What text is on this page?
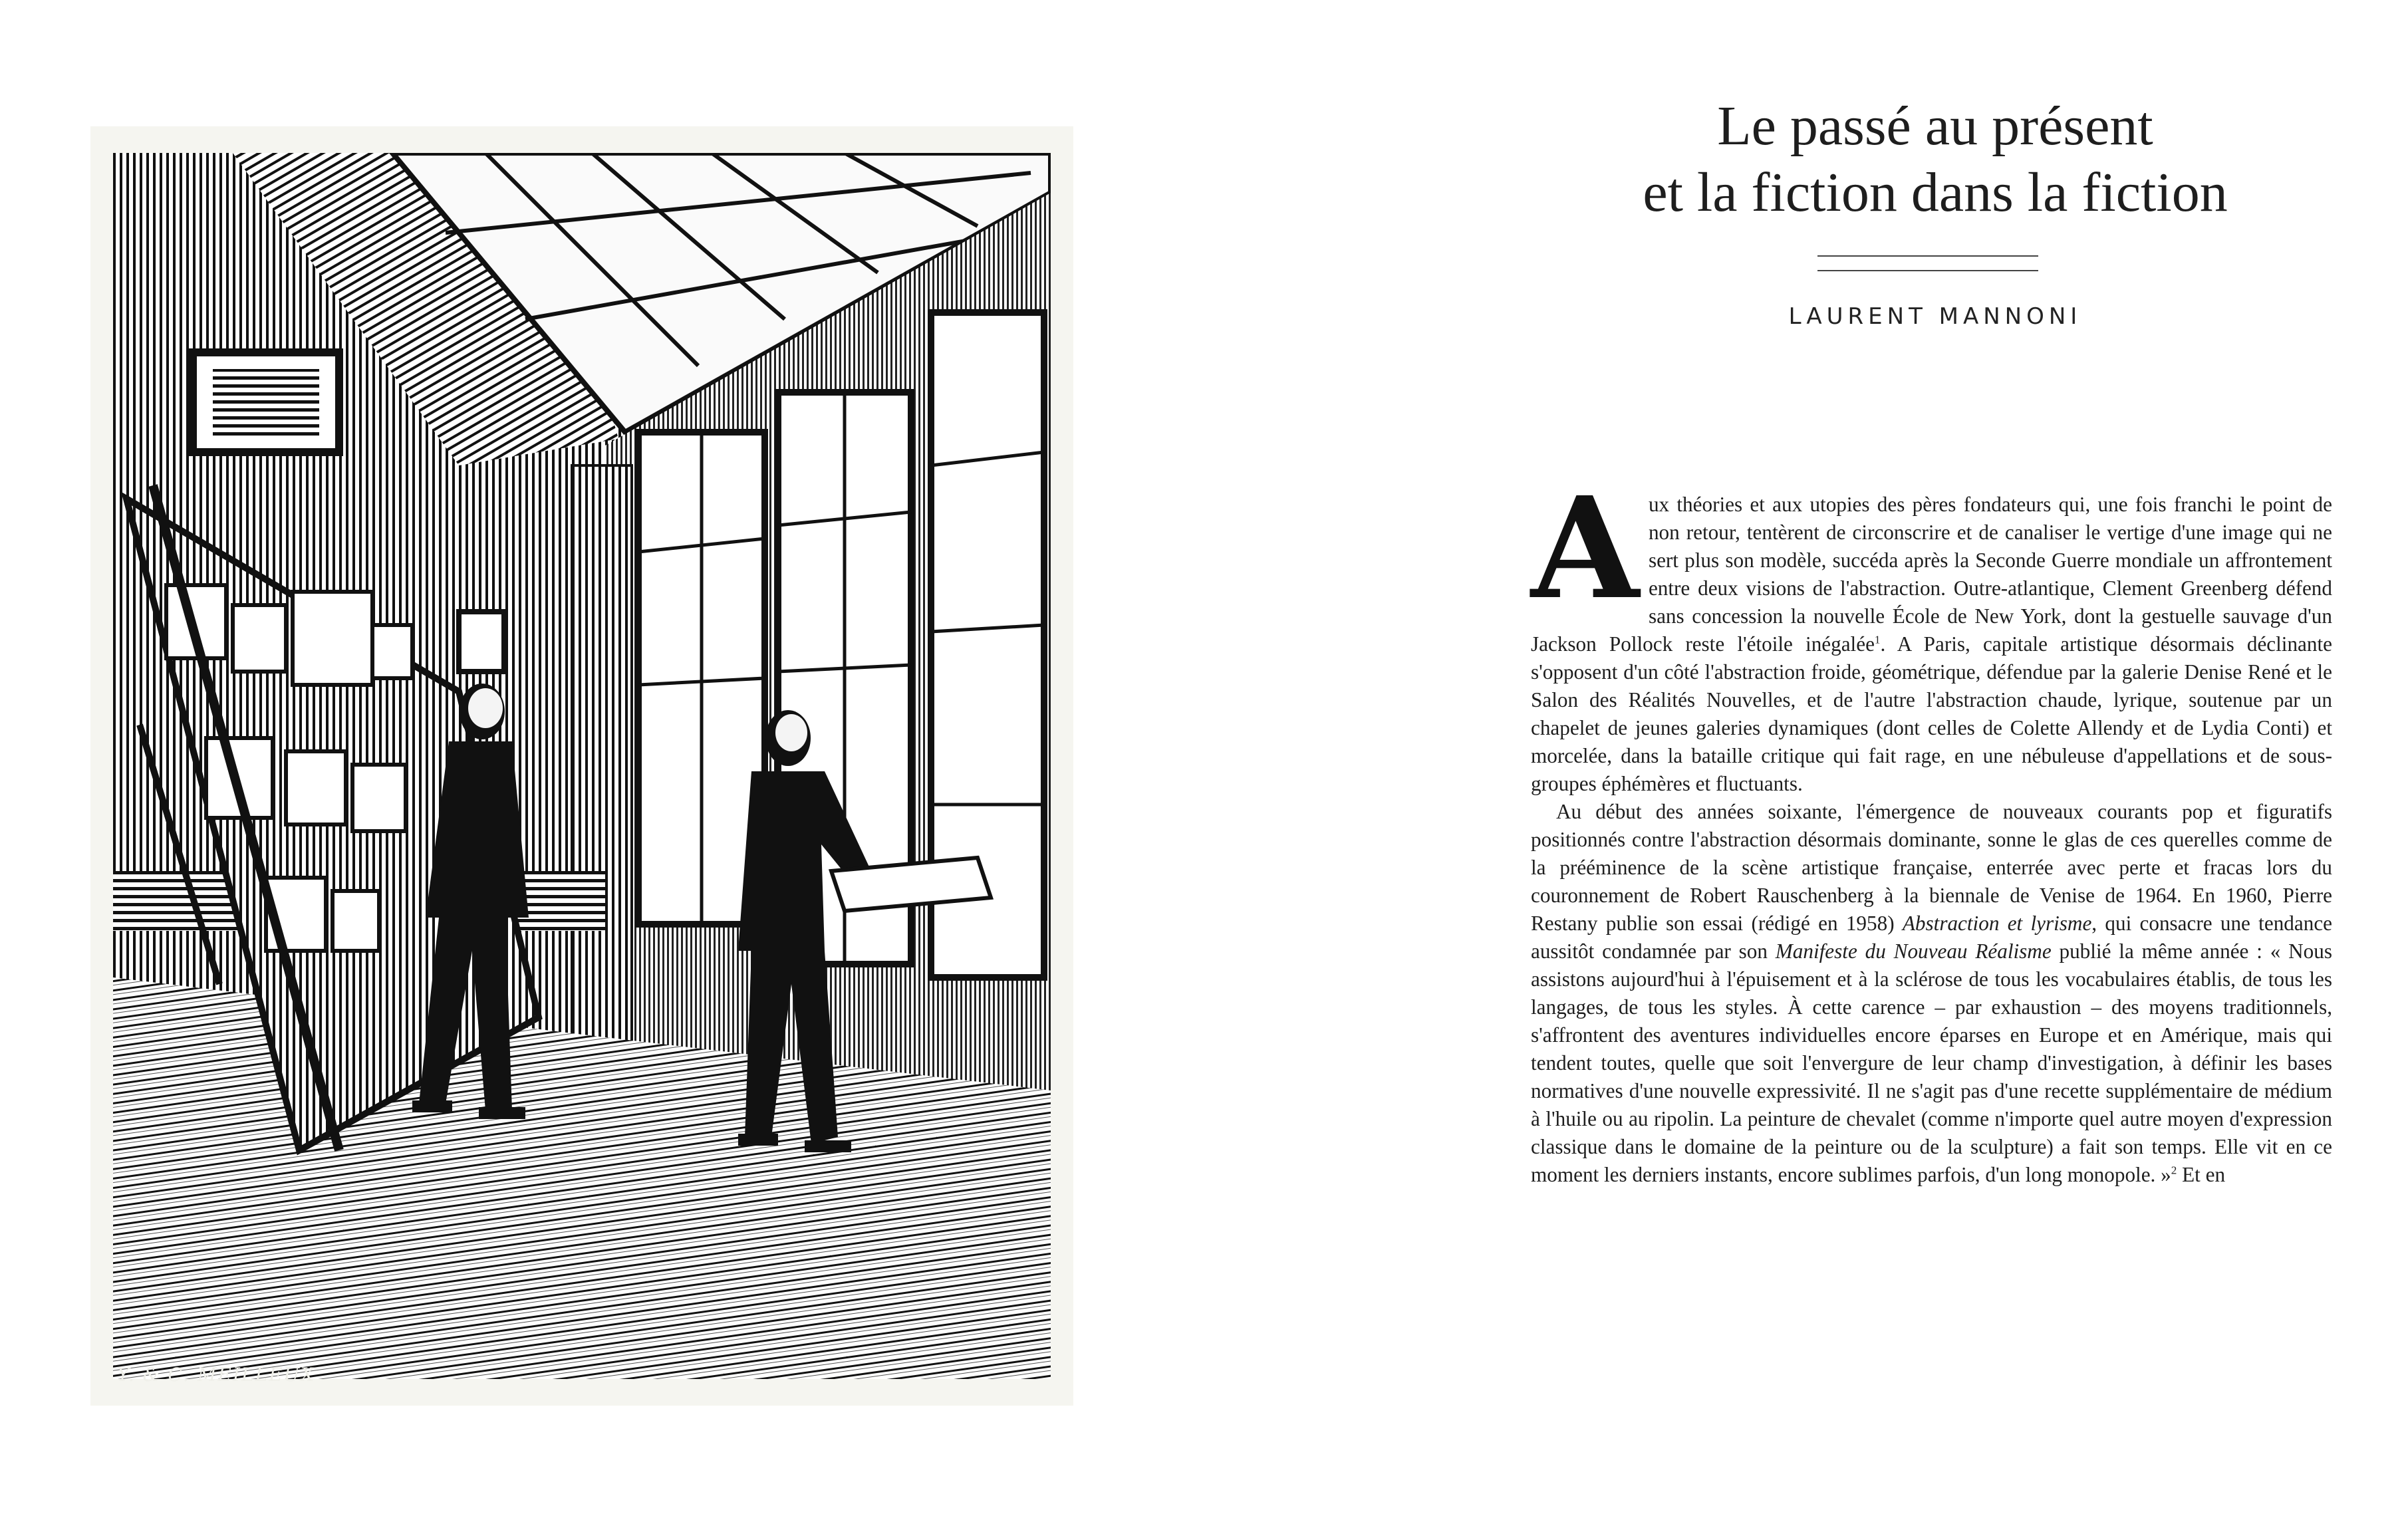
Y. & C. MEILLEUX
Le passé au présent
et la fiction dans la fiction
LAURENT MANNONI

Aux théories et aux utopies des pères fondateurs qui, une fois franchi le point de non retour, tentèrent de circonscrire et de canaliser le vertige d'une image qui ne sert plus son modèle, succéda après la Seconde Guerre mondiale un affrontement entre deux visions de l'abstraction. Outre-atlantique, Clement Greenberg défend sans concession la nouvelle École de New York, dont la gestuelle sauvage d'un Jackson Pollock reste l'étoile inégalée$^1$. A Paris, capitale artistique désormais déclinante s'opposent d'un côté l'abstraction froide, géométrique, défendue par la galerie Denise René et le Salon des Réalités Nouvelles, et de l'autre l'abstraction chaude, lyrique, soutenue par un chapelet de jeunes galeries dynamiques (dont celles de Colette Allendy et de Lydia Conti) et morcelée, dans la bataille critique qui fait rage, en une nébuleuse d'appellations et de sous-groupes éphémères et fluctuants.

Au début des années soixante, l'émergence de nouveaux courants pop et figuratifs positionnés contre l'abstraction désormais dominante, sonne le glas de ces querelles comme de la prééminence de la scène artistique française, enterrée avec perte et fracas lors du couronnement de Robert Rauschenberg à la biennale de Venise de 1964. En 1960, Pierre Restany publie son essai (rédigé en 1958) Abstraction et lyrisme, qui consacre une tendance aussitôt condamnée par son Manifeste du Nouveau Réalisme publié la même année : « Nous assistons aujourd'hui à l'épuisement et à la sclérose de tous les vocabulaires établis, de tous les langages, de tous les styles. À cette carence – par exhaustion – des moyens traditionnels, s'affrontent des aventures individuelles encore éparses en Europe et en Amérique, mais qui tendent toutes, quelle que soit l'envergure de leur champ d'investigation, à définir les bases normatives d'une nouvelle expressivité. Il ne s'agit pas d'une recette supplémentaire de médium à l'huile ou au ripolin. La peinture de chevalet (comme n'importe quel autre moyen d'expression classique dans le domaine de la peinture ou de la sculpture) a fait son temps. Elle vit en ce moment les derniers instants, encore sublimes parfois, d'un long monopole. »$^2$ Et en
